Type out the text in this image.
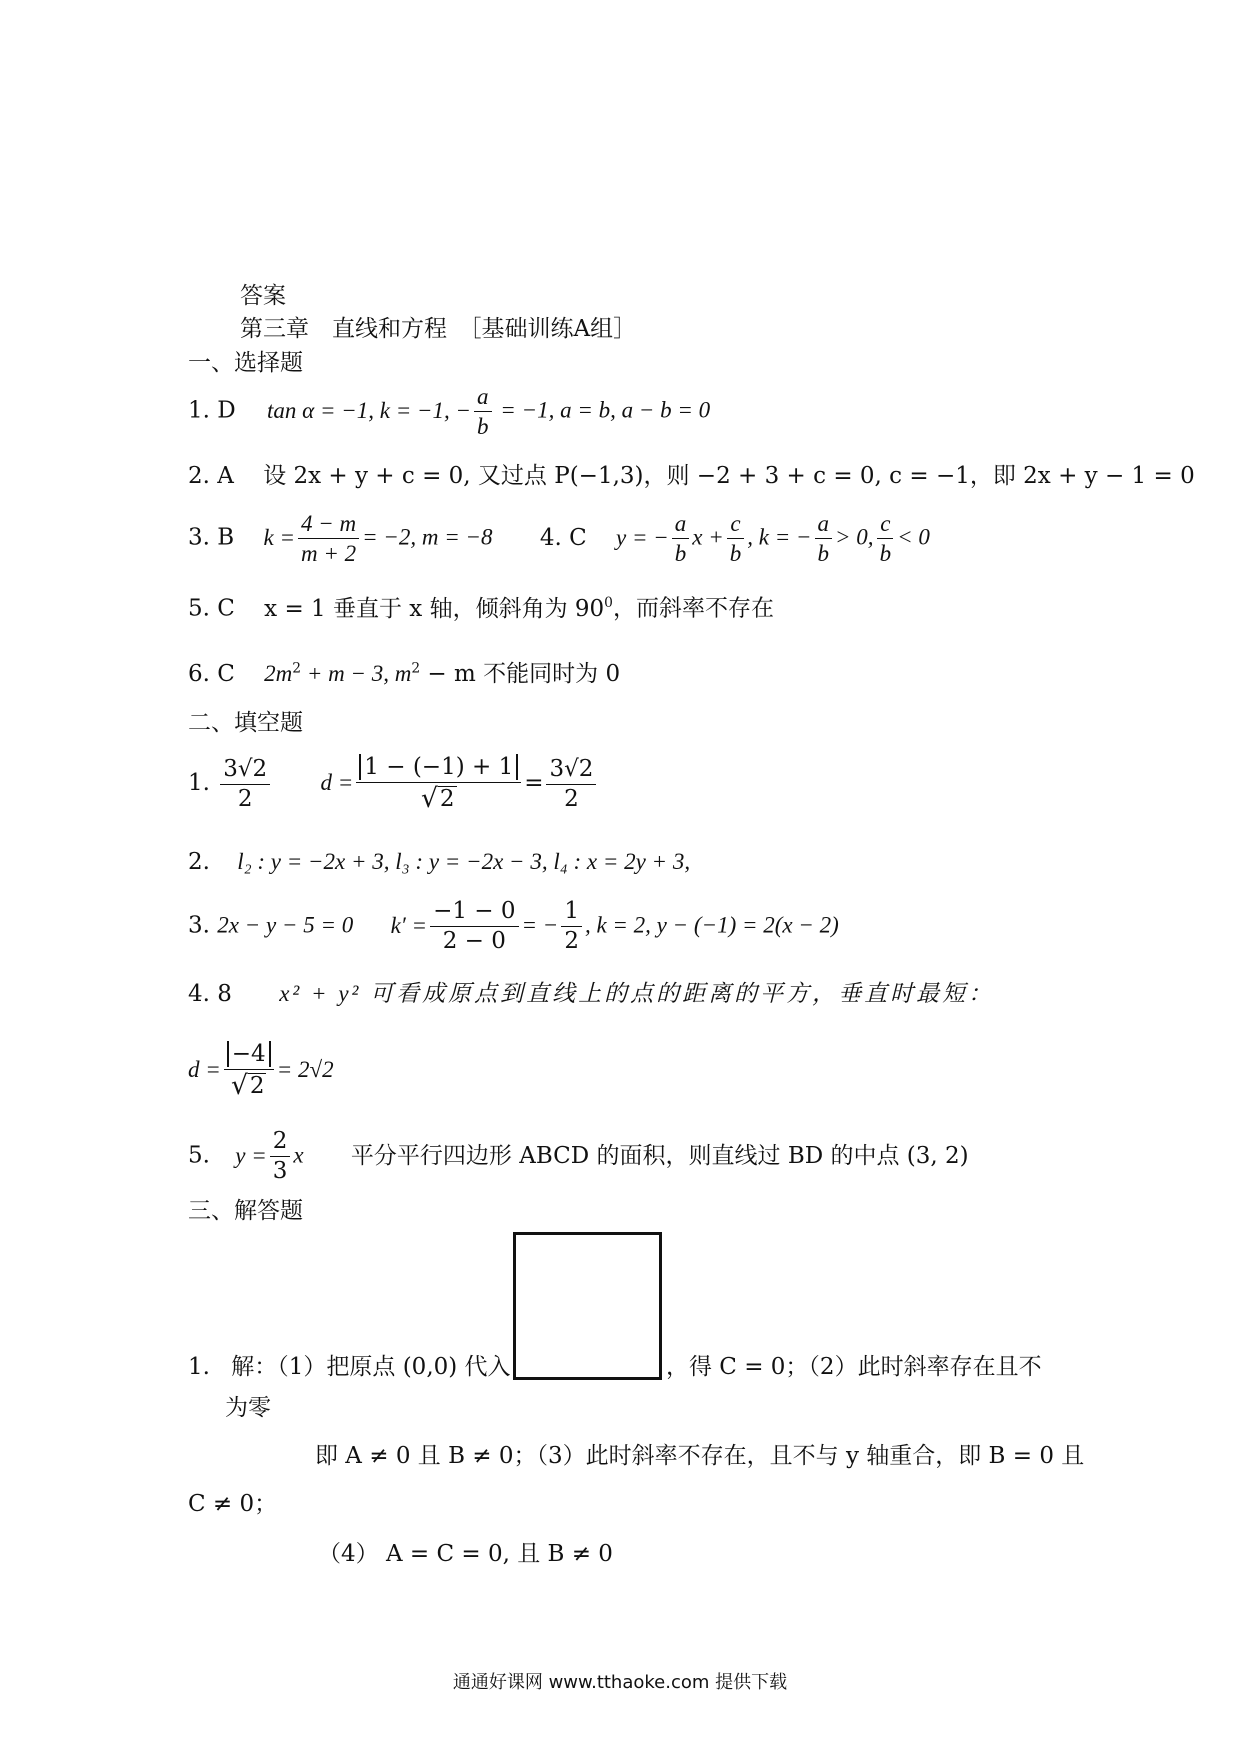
答案
第三章　直线和方程　［基础训练A组］
一、选择题
1. D tan α = −1, k = −1, − $\frac{a}{b} = -1$, a = b, a − b = 0
2. A 设 2x + y + c = 0, 又过点 P(−1,3)，则 −2 + 3 + c = 0, c = −1，即 2x + y − 1 = 0
3. B $k = \frac{4 - m}{m + 2} = -2$, m = −8 4. C y = − $\frac{a}{b}$ $x + \frac{c}{b}$ , k = − $\frac{a}{b} > 0$, $\frac{c}{b} < 0$
5. C x = 1 垂直于 x 轴，倾斜角为 $90^0$，而斜率不存在
6. C $2m^2 + m - 3$, $m^2 - m$ 不能同时为 0
二、填空题
1. $\frac{3√2}{2}$ $d = \frac{1 - (-1) + 1}{√ 2} = \frac{3√2}{2}$
2. l₂ : y = −2x + 3, l₃ : y = −2x − 3, l₄ : x = 2y + 3,
3. 2x − y − 5 = 0 $k' = \frac{-1 - 0}{2 - 0}$ = − $\frac{1}{2}$ , k = 2, y − (−1) = 2(x − 2)
4. 8 x² + y² 可看成原点到直线上的点的距离的平方，垂直时最短：
$d = \frac{-4}{√ 2} = 2√2$
5. $y = \frac{2}{3}$ x 平分平行四边形 ABCD 的面积，则直线过 BD 的中点 (3, 2)
三、解答题
1. 解：（1）把原点 (0,0) 代入	，得 C = 0；（2）此时斜率存在且不
为零
即 A ≠ 0 且 B ≠ 0；（3）此时斜率不存在，且不与 y 轴重合，即 B = 0 且
C ≠ 0；
（4） A = C = 0, 且 B ≠ 0
通通好课网 www.tthaoke.com 提供下载
